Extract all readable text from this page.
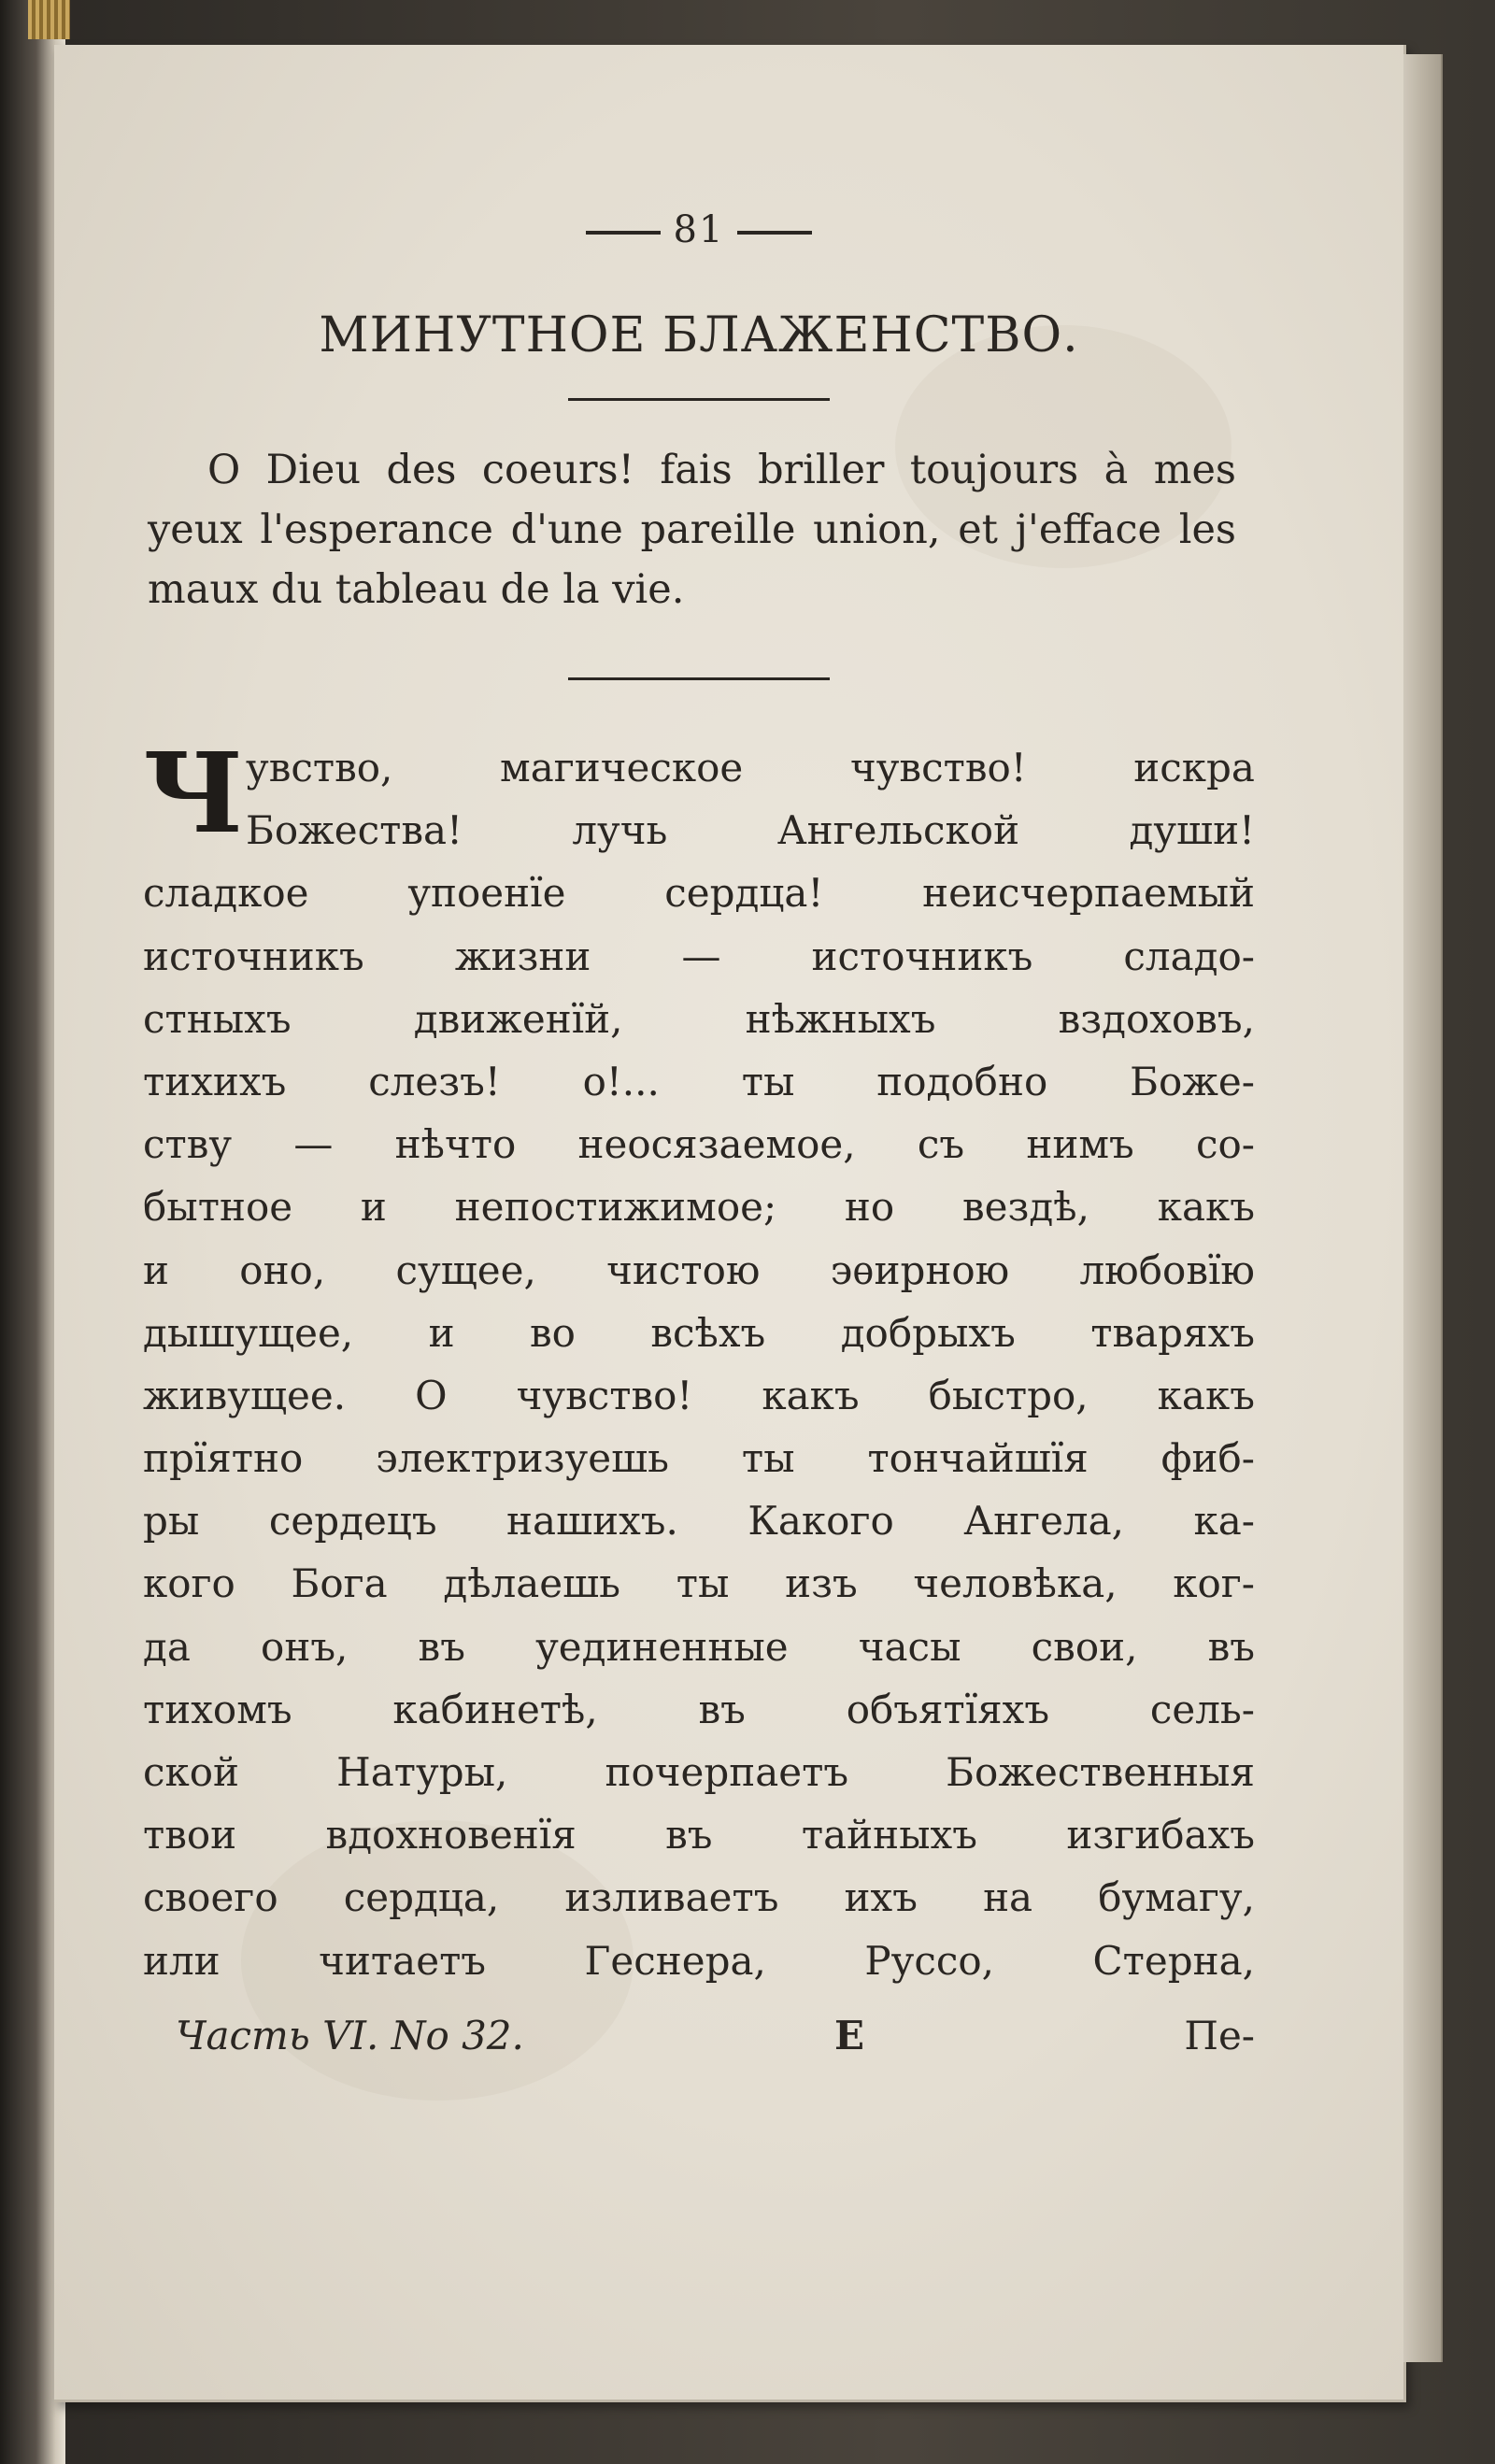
81
МИНУТНОЕ БЛАЖЕНСТВО.
O Dieu des coeurs! fais briller toujours à mes yeux l'esperance d'une pareille union, et j'efface les maux du tableau de la vie.
Ч увство,	магическое	чувство!	искра
Божества!	лучь	Ангельской	души!
сладкое	упоенїе	сердца!	неисчерпаемый
источникъ жизни — источникъ сладо-
стныхъ	движенїй,	нѣжныхъ	вздоховъ,
тихихъ слезъ! о!... ты подобно Боже-
ству — нѣчто неосязаемое, съ нимъ со-
бытное и непостижимое; но вездѣ, какъ
и оно, сущее, чистою эѳирною любовїю
дышущее, и во всѣхъ добрыхъ тваряхъ
живущее. О чувство! какъ быстро, какъ
прїятно электризуешь ты тончайшїя фиб-
ры сердецъ нашихъ. Какого Ангела, ка-
кого Бога дѣлаешь ты изъ человѣка, ког-
да онъ, въ уединенные часы свои, въ
тихомъ	кабинетѣ,	въ	объятїяхъ	сель-
ской Натуры, почерпаетъ Божественныя
твои вдохновенїя въ тайныхъ изгибахъ
своего сердца, изливаетъ ихъ на бумагу,
или	читаетъ	Геснера,	Руссо,	Стерна,
Часть VI. No 32.	E	Пе-
